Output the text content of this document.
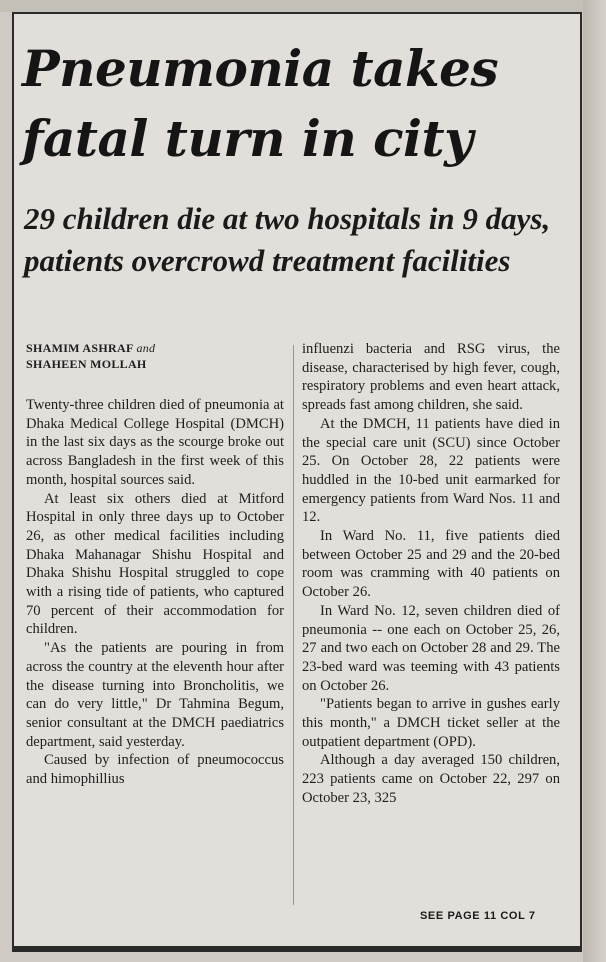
Pneumonia takes
fatal turn in city
29 children die at two hospitals in 9 days, patients overcrowd treatment facilities
SHAMIM ASHRAF and
SHAHEEN MOLLAH

Twenty-three children died of pneumonia at Dhaka Medical College Hospital (DMCH) in the last six days as the scourge broke out across Bangladesh in the first week of this month, hospital sources said.

At least six others died at Mitford Hospital in only three days up to October 26, as other medical facilities including Dhaka Mahanagar Shishu Hospital and Dhaka Shishu Hospital struggled to cope with a rising tide of patients, who captured 70 percent of their accommodation for children.

"As the patients are pouring in from across the country at the eleventh hour after the disease turning into Broncholitis, we can do very little," Dr Tahmina Begum, senior consultant at the DMCH paediatrics department, said yesterday.

Caused by infection of pneumococcus and himophillius

influenzi bacteria and RSG virus, the disease, characterised by high fever, cough, respiratory problems and even heart attack, spreads fast among children, she said.

At the DMCH, 11 patients have died in the special care unit (SCU) since October 25. On October 28, 22 patients were huddled in the 10-bed unit earmarked for emergency patients from Ward Nos. 11 and 12.

In Ward No. 11, five patients died between October 25 and 29 and the 20-bed room was cramming with 40 patients on October 26.

In Ward No. 12, seven children died of pneumonia -- one each on October 25, 26, 27 and two each on October 28 and 29. The 23-bed ward was teeming with 43 patients on October 26.

"Patients began to arrive in gushes early this month," a DMCH ticket seller at the outpatient department (OPD).

Although a day averaged 150 children, 223 patients came on October 22, 297 on October 23, 325

SEE PAGE 11 COL 7
